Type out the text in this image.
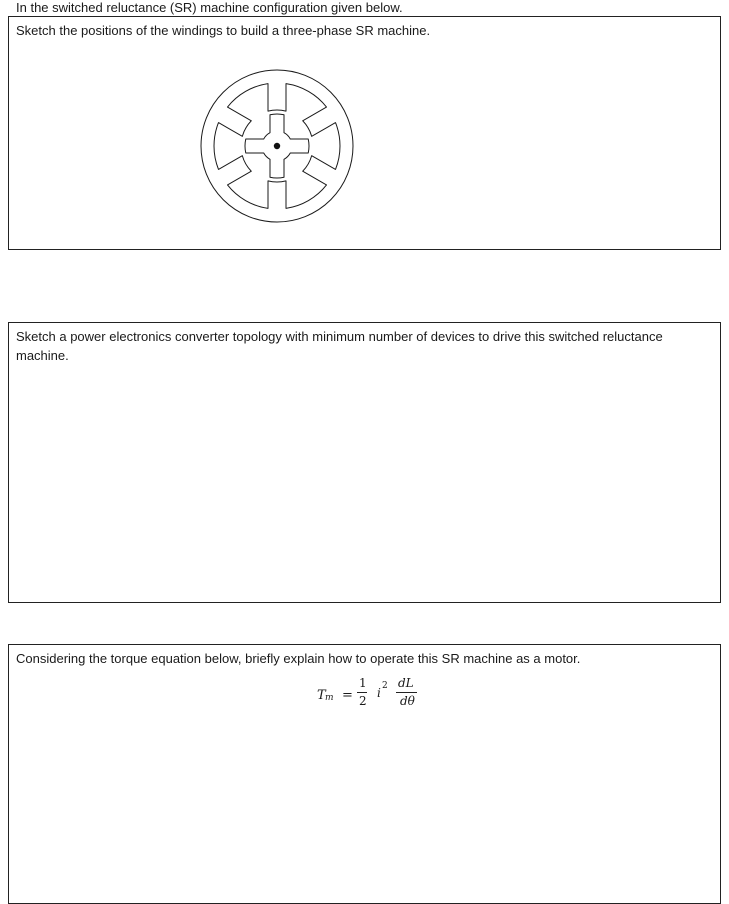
In the switched reluctance (SR) machine configuration given below.
Sketch the positions of the windings to build a three-phase SR machine.
Sketch a power electronics converter topology with minimum number of devices to drive this switched reluctance machine.
Considering the torque equation below, briefly explain how to operate this SR machine as a motor.
T m =
1
2
i 2 dL
dθ
